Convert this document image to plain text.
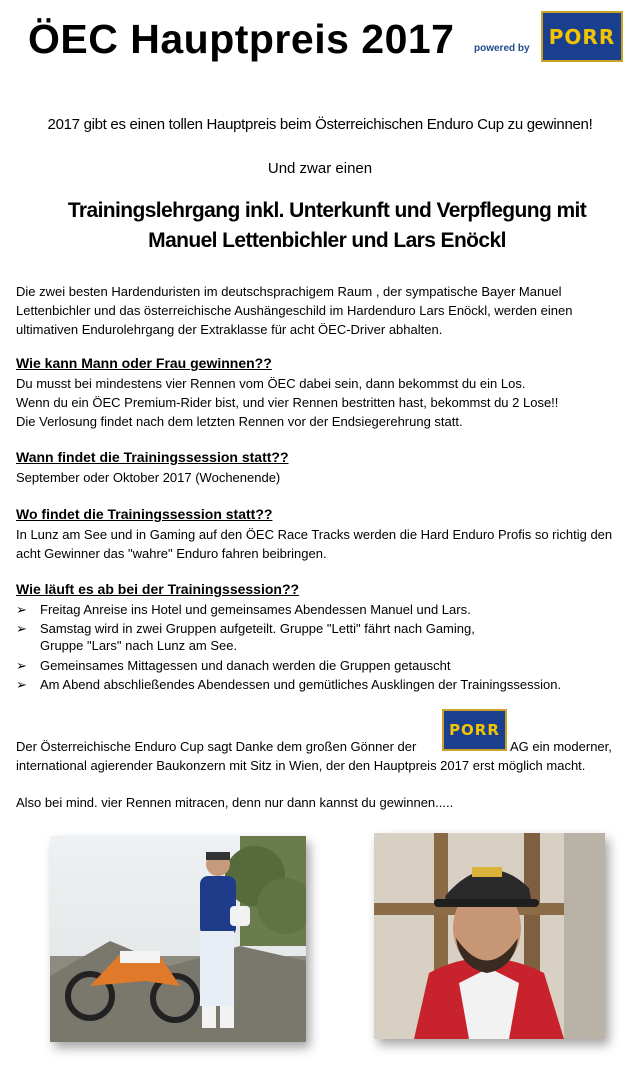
ÖEC Hauptpreis 2017 powered by PORR
2017 gibt es einen tollen Hauptpreis beim Österreichischen Enduro Cup zu gewinnen!
Und zwar einen
Trainingslehrgang inkl. Unterkunft und Verpflegung mit
Manuel Lettenbichler und Lars Enöckl
Die zwei besten Hardenduristen im deutschsprachigem Raum , der sympatische Bayer Manuel
Lettenbichler und das österreichische Aushängeschild im Hardenduro Lars Enöckl, werden einen
ultimativen Endurolehrgang der Extraklasse für acht ÖEC-Driver abhalten.
Wie kann Mann oder Frau gewinnen??
Du musst bei mindestens vier Rennen vom ÖEC dabei sein, dann bekommst du ein Los.
Wenn du ein ÖEC Premium-Rider bist, und vier Rennen bestritten hast, bekommst du 2 Lose!!
Die Verlosung findet nach dem letzten Rennen vor der Endsiegerehrung statt.
Wann findet die Trainingssession statt??
September oder Oktober 2017 (Wochenende)
Wo findet die Trainingssession statt??
In Lunz am See und in Gaming auf den ÖEC Race Tracks werden die Hard Enduro Profis so richtig den
acht Gewinner das "wahre" Enduro fahren beibringen.
Wie läuft es ab bei der Trainingssession??
➢ Freitag Anreise ins Hotel und gemeinsames Abendessen Manuel und Lars.
➢ Samstag wird in zwei Gruppen aufgeteilt. Gruppe "Letti" fährt nach Gaming,
Gruppe "Lars" nach Lunz am See.
➢ Gemeinsames Mittagessen und danach werden die Gruppen getauscht
➢ Am Abend abschließendes Abendessen und gemütliches Ausklingen der Trainingssession.
Der Österreichische Enduro Cup sagt Danke dem großen Gönner der
PORR
AG ein moderner,
international agierender Baukonzern mit Sitz in Wien, der den Hauptpreis 2017 erst möglich macht.
Also bei mind. vier Rennen mitracen, denn nur dann kannst du gewinnen.....
